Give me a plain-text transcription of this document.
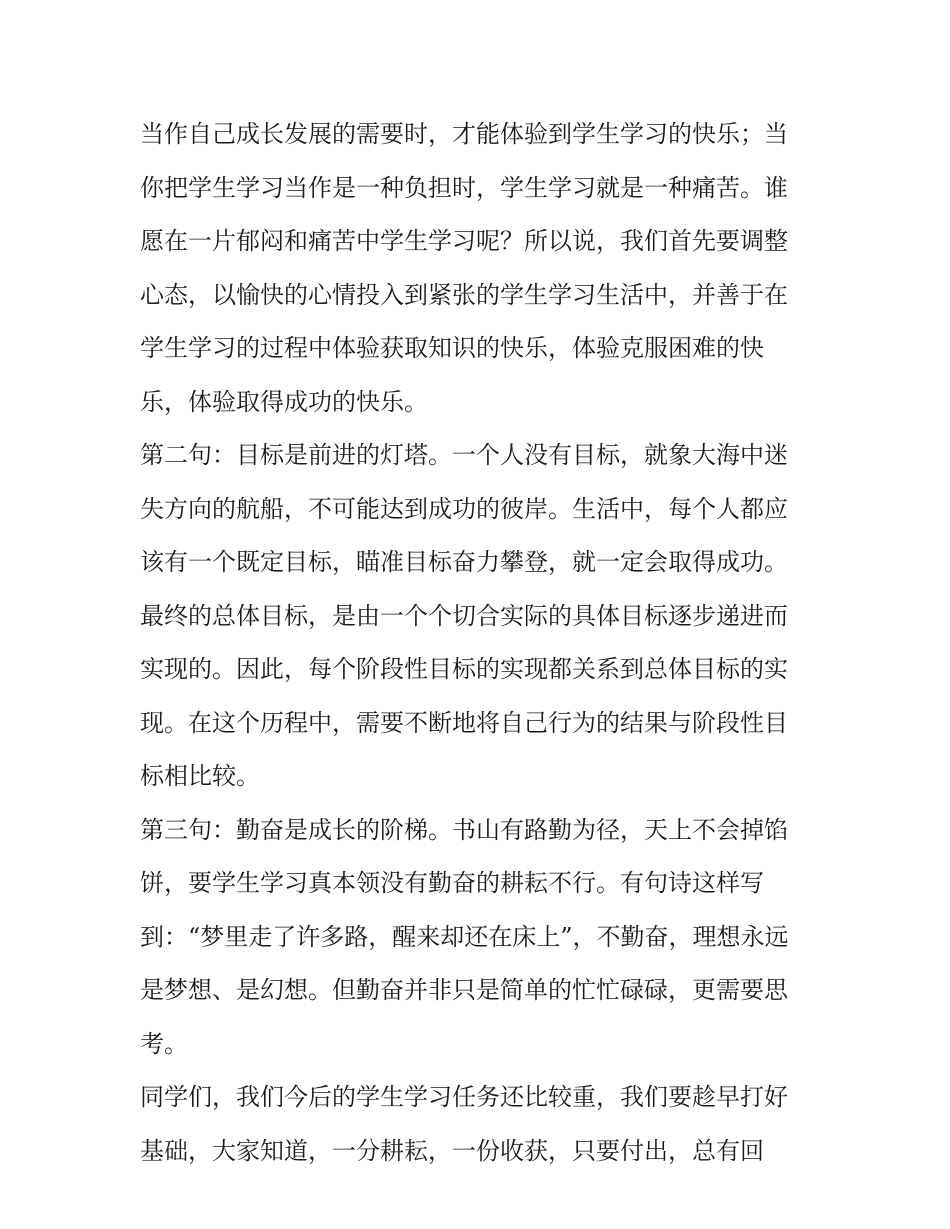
当作自己成长发展的需要时，才能体验到学生学习的快乐；当
你把学生学习当作是一种负担时，学生学习就是一种痛苦。谁
愿在一片郁闷和痛苦中学生学习呢？所以说，我们首先要调整
心态，以愉快的心情投入到紧张的学生学习生活中，并善于在
学生学习的过程中体验获取知识的快乐，体验克服困难的快
乐，体验取得成功的快乐。
第二句：目标是前进的灯塔。一个人没有目标，就象大海中迷
失方向的航船，不可能达到成功的彼岸。生活中，每个人都应
该有一个既定目标，瞄准目标奋力攀登，就一定会取得成功。
最终的总体目标，是由一个个切合实际的具体目标逐步递进而
实现的。因此，每个阶段性目标的实现都关系到总体目标的实
现。在这个历程中，需要不断地将自己行为的结果与阶段性目
标相比较。
第三句：勤奋是成长的阶梯。书山有路勤为径，天上不会掉馅
饼，要学生学习真本领没有勤奋的耕耘不行。有句诗这样写
到：“梦里走了许多路，醒来却还在床上”，不勤奋，理想永远
是梦想、是幻想。但勤奋并非只是简单的忙忙碌碌，更需要思
考。
同学们，我们今后的学生学习任务还比较重，我们要趁早打好
基础，大家知道，一分耕耘，一份收获，只要付出，总有回
